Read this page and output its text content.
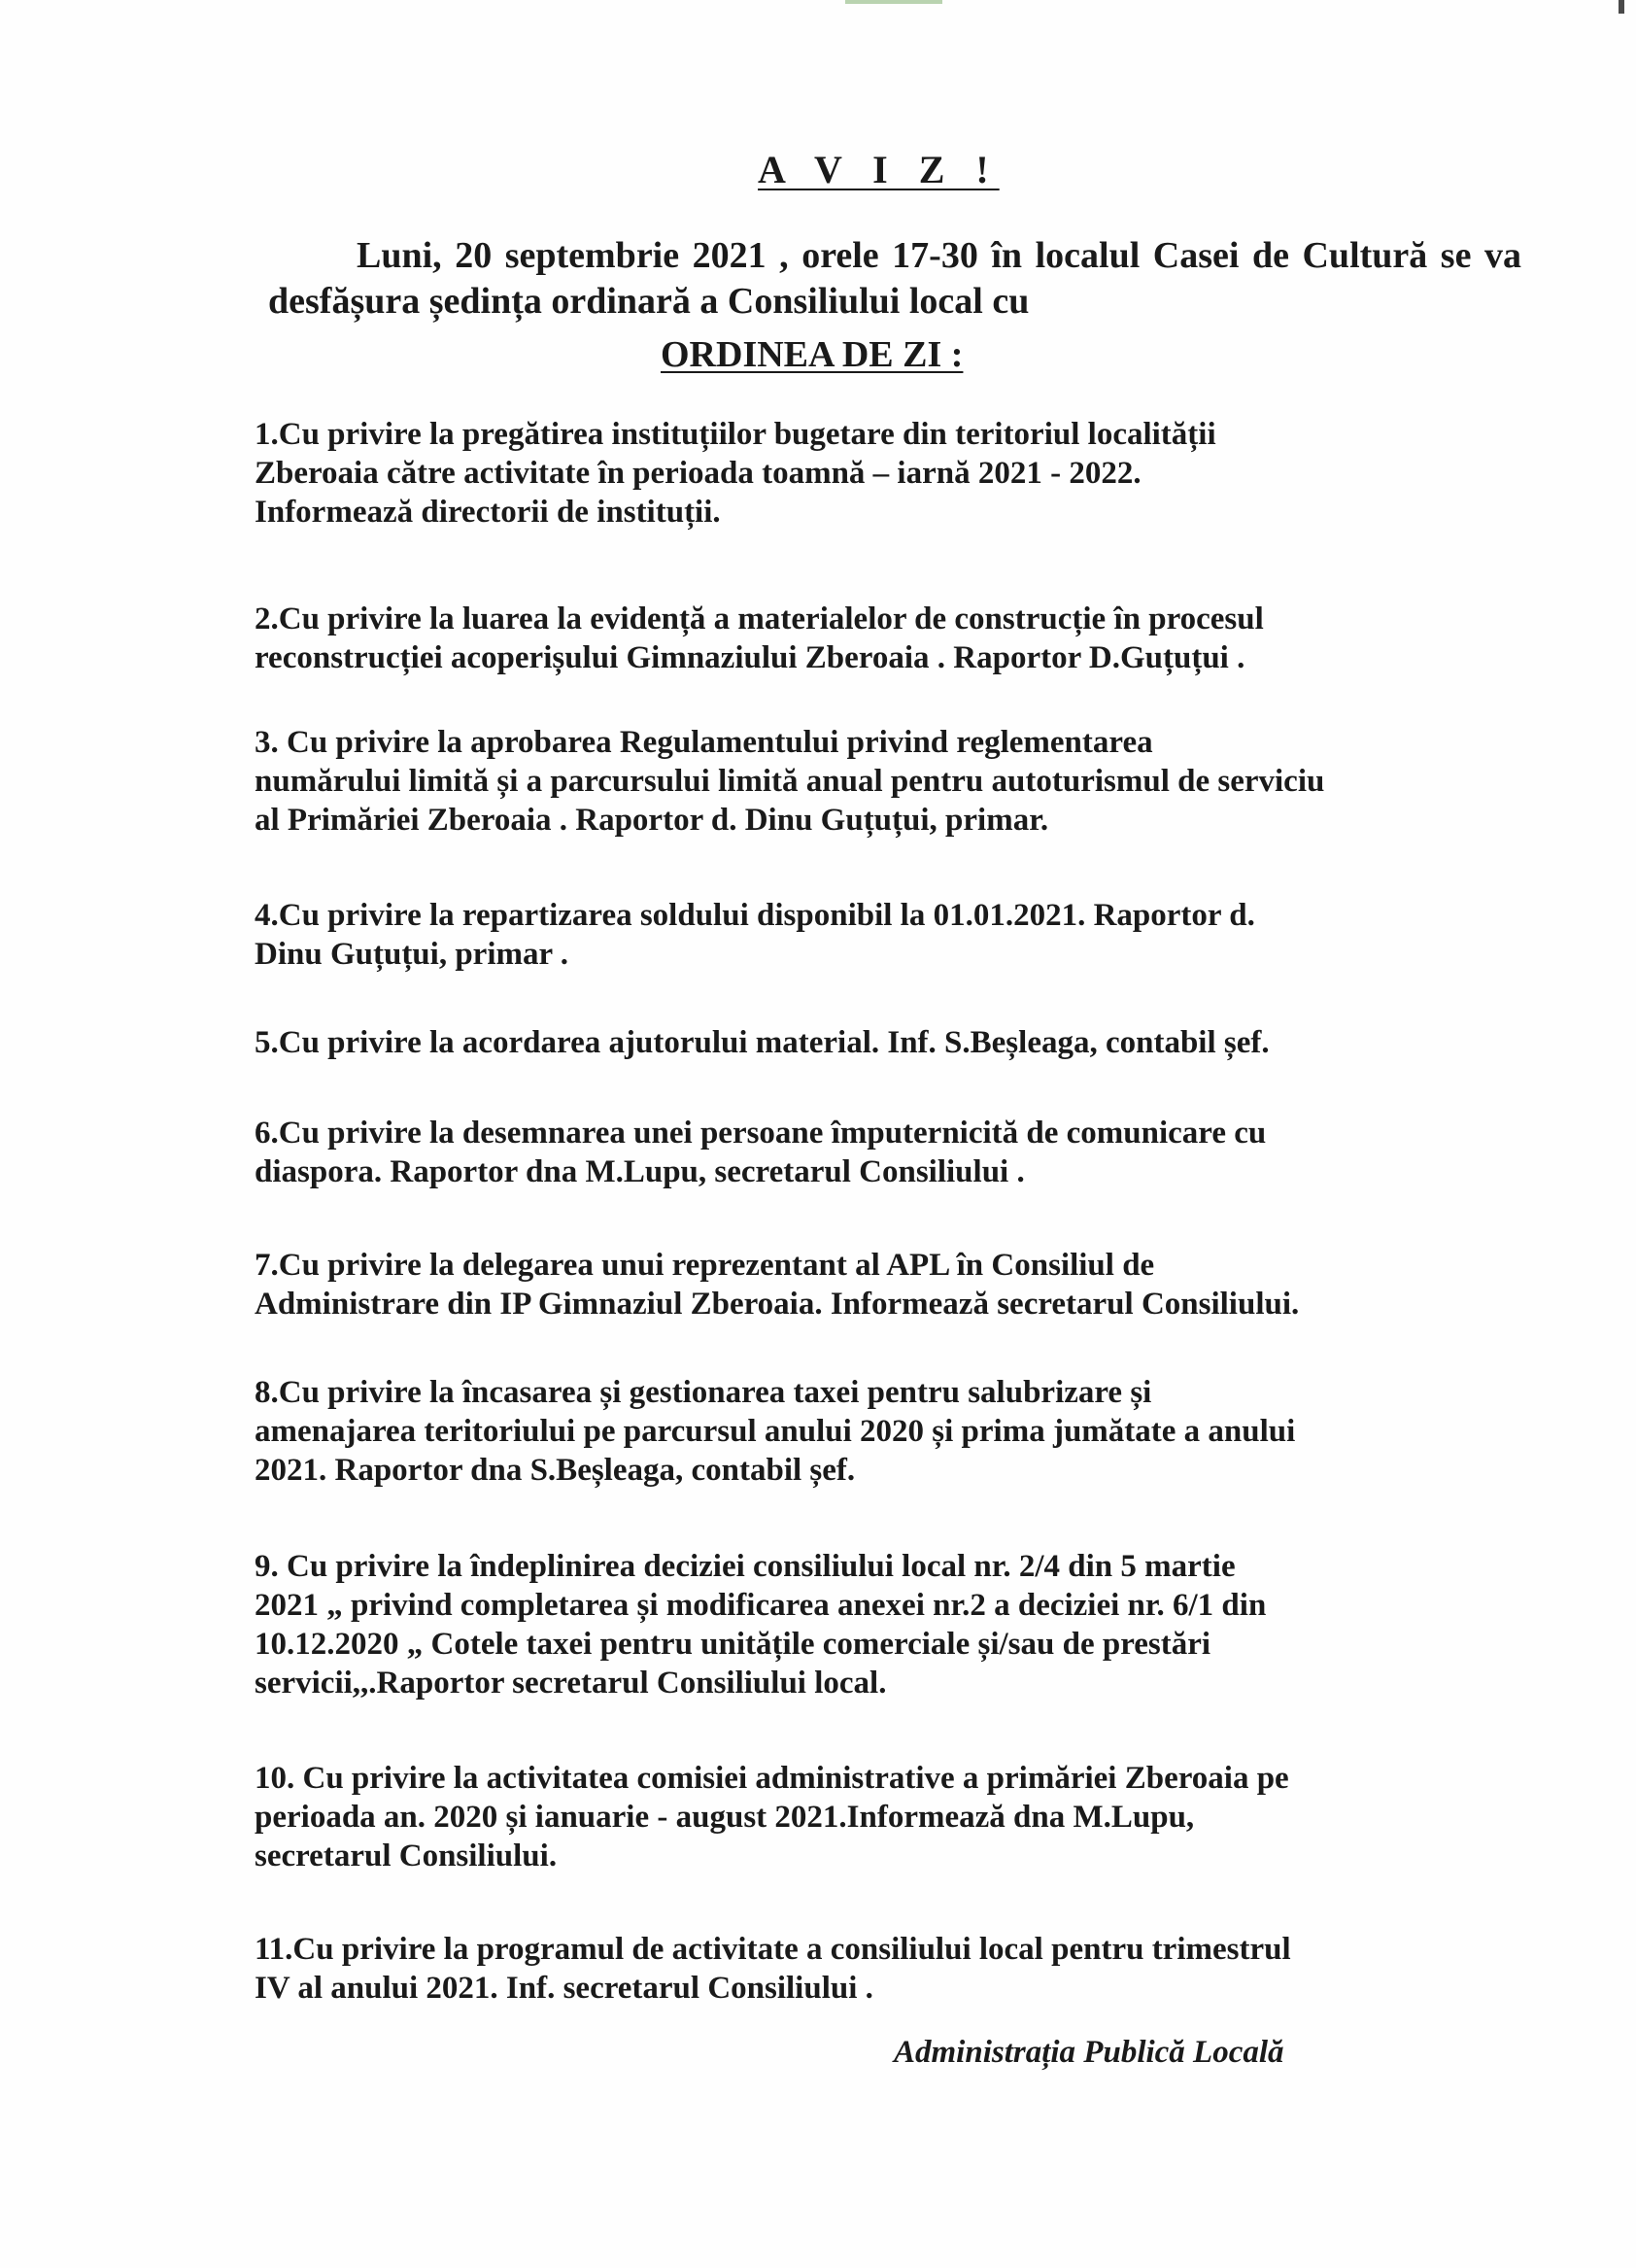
A V I Z !
Luni, 20 septembrie 2021 , orele 17-30 în localul Casei de Cultură se va desfășura ședința ordinară a Consiliului local cu
ORDINEA DE ZI :
1.Cu privire la pregătirea instituțiilor bugetare din teritoriul localității
Zberoaia către activitate în perioada toamnă – iarnă 2021 - 2022.
Informează directorii de instituții.
2.Cu privire la luarea la evidență a materialelor de construcție în procesul
reconstrucției acoperișului Gimnaziului Zberoaia . Raportor D.Guțuțui .
3. Cu privire la aprobarea Regulamentului privind reglementarea
numărului limită și a parcursului limită anual pentru autoturismul de serviciu
al Primăriei Zberoaia . Raportor d. Dinu Guțuțui, primar.
4.Cu privire la repartizarea soldului disponibil la 01.01.2021. Raportor d.
Dinu Guțuțui, primar .
5.Cu privire la acordarea ajutorului material. Inf. S.Beșleaga, contabil șef.
6.Cu privire la desemnarea unei persoane împuternicită de comunicare cu
diaspora. Raportor dna M.Lupu, secretarul Consiliului .
7.Cu privire la delegarea unui reprezentant al APL în Consiliul de
Administrare din IP Gimnaziul Zberoaia. Informează secretarul Consiliului.
8.Cu privire la încasarea și gestionarea taxei pentru salubrizare și
amenajarea teritoriului pe parcursul anului 2020 și prima jumătate a anului
2021. Raportor dna S.Beșleaga, contabil șef.
9. Cu privire la îndeplinirea deciziei consiliului local nr. 2/4 din 5 martie
2021 „ privind completarea și modificarea anexei nr.2 a deciziei nr. 6/1 din
10.12.2020 „ Cotele taxei pentru unitățile comerciale și/sau de prestări
servicii,,.Raportor secretarul Consiliului local.
10. Cu privire la activitatea comisiei administrative a primăriei Zberoaia pe
perioada an. 2020 și ianuarie - august 2021.Informează dna M.Lupu,
secretarul Consiliului.
11.Cu privire la programul de activitate a consiliului local pentru trimestrul
IV al anului 2021. Inf. secretarul Consiliului .
Administrația Publică Locală
